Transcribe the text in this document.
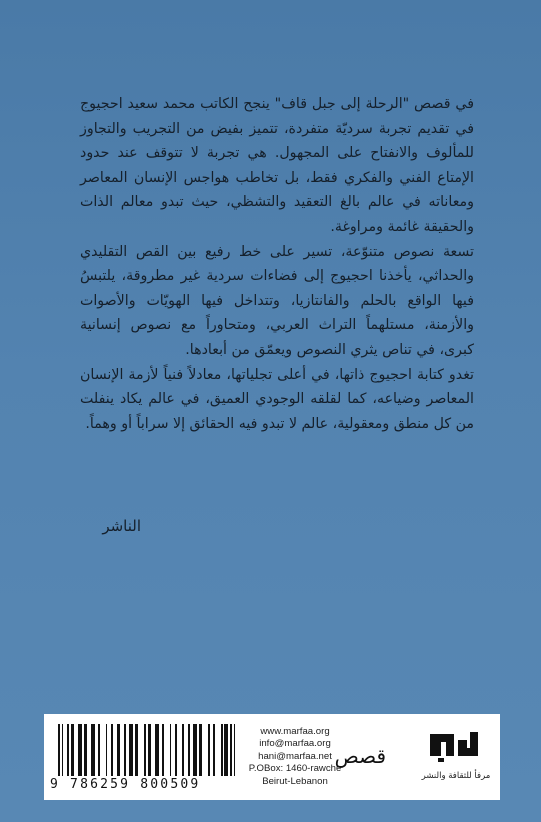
في قصص "الرحلة إلى جبل قاف" ينجح الكاتب محمد سعيد احجيوج في تقديم تجربة سرديّة متفردة، تتميز بفيض من التجريب والتجاوز للمألوف والانفتاح على المجهول. هي تجربة لا تتوقف عند حدود الإمتاع الفني والفكري فقط، بل تخاطب هواجس الإنسان المعاصر ومعاناته في عالم بالغ التعقيد والتشظي، حيث تبدو معالم الذات والحقيقة غائمة ومراوغة.

تسعة نصوص متنوّعة، تسير على خط رفيع بين القص التقليدي والحداثي، يأخذنا احجيوج إلى فضاءات سردية غير مطروقة، يلتبسُ فيها الواقع بالحلم والفانتازيا، وتتداخل فيها الهويّات والأصوات والأزمنة، مستلهماً التراث العربي، ومتحاوراً مع نصوص إنسانية كبرى، في تناص يثري النصوص ويعمّق من أبعادها.

تغدو كتابة احجيوج ذاتها، في أعلى تجلياتها، معادلاً فنياً لأزمة الإنسان المعاصر وضياعه، كما لقلقه الوجودي العميق، في عالم يكاد ينفلت من كل منطق ومعقولية، عالم لا تبدو فيه الحقائق إلا سراباً أو وهماً.

الناشر
9 786259 800509
www.marfaa.org
info@marfaa.org
hani@marfaa.net
P.OBox: 1460-rawche
Beirut-Lebanon
قصص
مرفأ للثقافة والنشر
